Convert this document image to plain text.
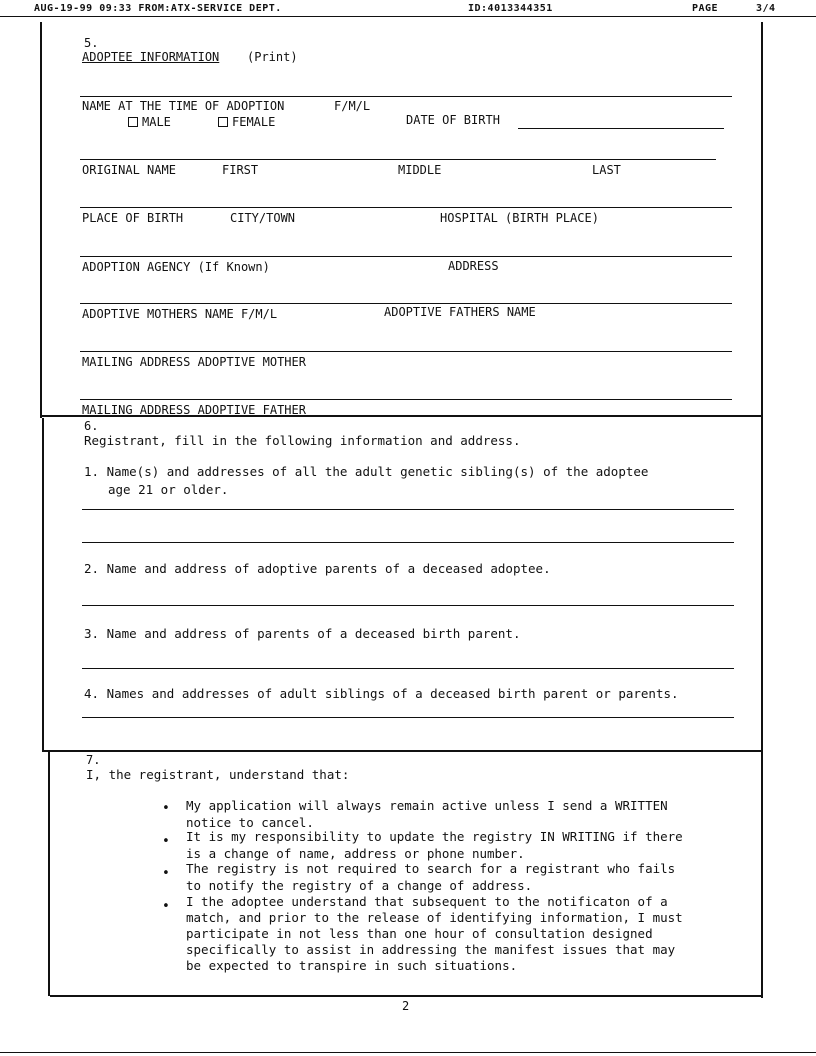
AUG-19-99 09:33 FROM:ATX-SERVICE DEPT.	ID:4013344351	PAGE	3/4
5.
ADOPTEE INFORMATION (Print)
NAME AT THE TIME OF ADOPTION	F/M/L
MALE	FEMALE	DATE OF BIRTH
ORIGINAL NAME	FIRST	MIDDLE	LAST
PLACE OF BIRTH	CITY/TOWN	HOSPITAL (BIRTH PLACE)
ADOPTION AGENCY (If Known)	ADDRESS
ADOPTIVE MOTHERS NAME F/M/L	ADOPTIVE FATHERS NAME
MAILING ADDRESS ADOPTIVE MOTHER
MAILING ADDRESS ADOPTIVE FATHER
6.
Registrant, fill in the following information and address.
1. Name(s) and addresses of all the adult genetic sibling(s) of the adoptee
age 21 or older.
2. Name and address of adoptive parents of a deceased adoptee.
3. Name and address of parents of a deceased birth parent.
4. Names and addresses of adult siblings of a deceased birth parent or parents.
7.
I, the registrant, understand that:
• My application will always remain active unless I send a WRITTEN
notice to cancel.
• It is my responsibility to update the registry IN WRITING if there
is a change of name, address or phone number.
• The registry is not required to search for a registrant who fails
to notify the registry of a change of address.
• I the adoptee understand that subsequent to the notificaton of a
match, and prior to the release of identifying information, I must
participate in not less than one hour of consultation designed
specifically to assist in addressing the manifest issues that may
be expected to transpire in such situations.
2
